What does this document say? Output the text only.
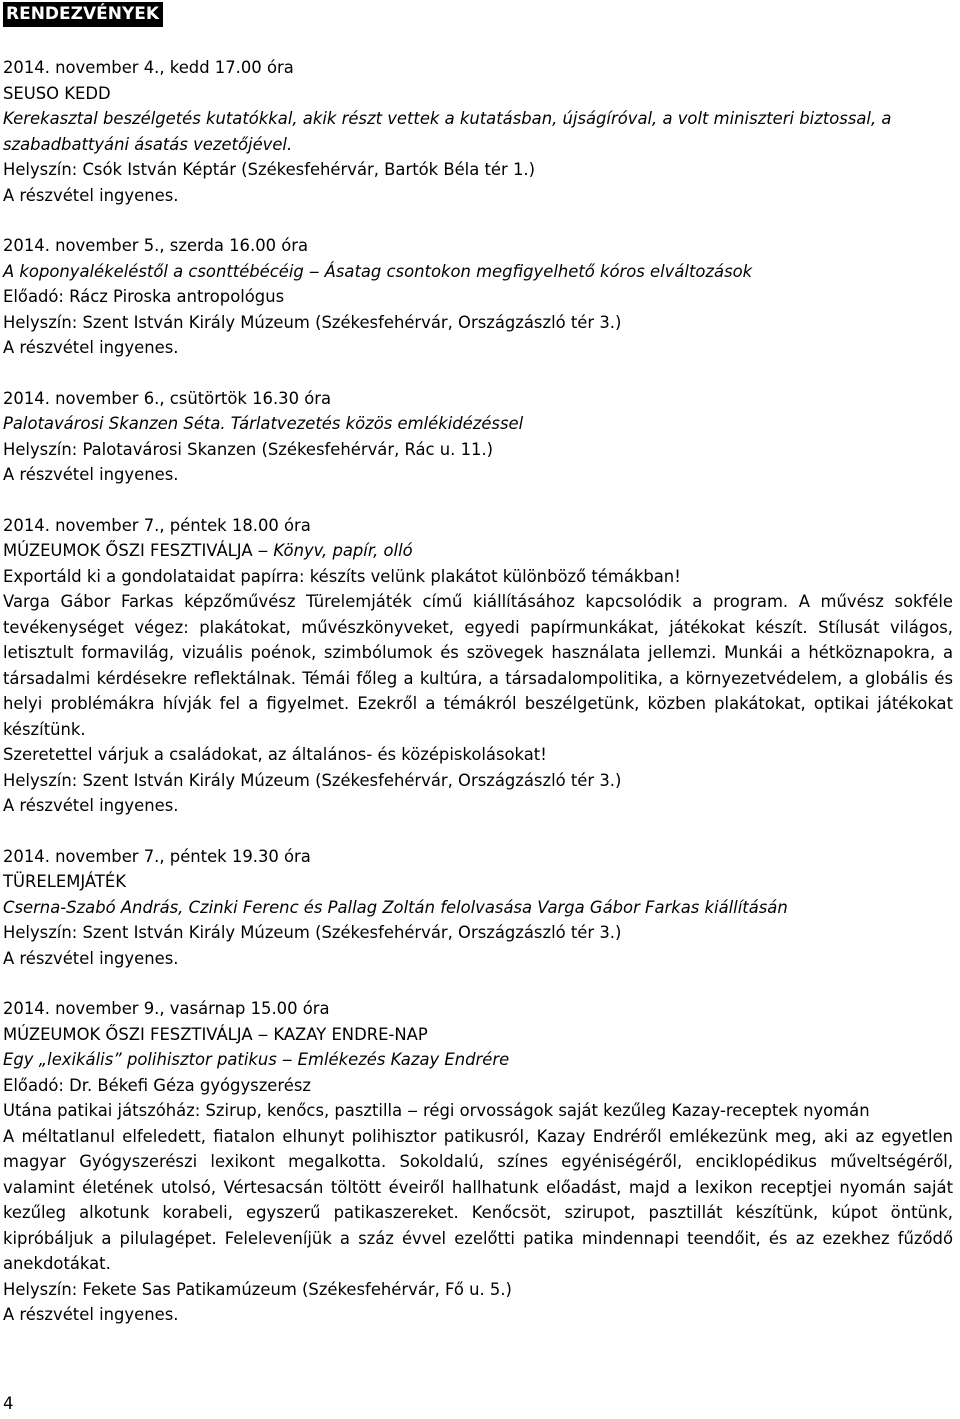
RENDEZVÉNYEK
2014. november 4., kedd 17.00 óra
SEUSO KEDD
Kerekasztal beszélgetés kutatókkal, akik részt vettek a kutatásban, újságíróval, a volt miniszteri biztossal, a szabadbattyáni ásatás vezetőjével.
Helyszín: Csók István Képtár (Székesfehérvár, Bartók Béla tér 1.)
A részvétel ingyenes.
2014. november 5., szerda 16.00 óra
A koponyalékeléstől a csonttébécéig ‒ Ásatag csontokon megfigyelhető kóros elváltozások
Előadó: Rácz Piroska antropológus
Helyszín: Szent István Király Múzeum (Székesfehérvár, Országzászló tér 3.)
A részvétel ingyenes.
2014. november 6., csütörtök 16.30 óra
Palotavárosi Skanzen Séta. Tárlatvezetés közös emlékidézéssel
Helyszín: Palotavárosi Skanzen (Székesfehérvár, Rác u. 11.)
A részvétel ingyenes.
2014. november 7., péntek 18.00 óra
MÚZEUMOK ŐSZI FESZTIVÁLJA ‒ Könyv, papír, olló
Exportáld ki a gondolataidat papírra: készíts velünk plakátot különböző témákban!
Varga Gábor Farkas képzőművész Türelemjáték című kiállításához kapcsolódik a program. A művész sokféle tevékenységet végez: plakátokat, művészkönyveket, egyedi papírmunkákat, játékokat készít. Stílusát világos, letisztult formavilág, vizuális poénok, szimbólumok és szövegek használata jellemzi. Munkái a hétköznapokra, a társadalmi kérdésekre reflektálnak. Témái főleg a kultúra, a társadalompolitika, a környezetvédelem, a globális és helyi problémákra hívják fel a figyelmet. Ezekről a témákról beszélgetünk, közben plakátokat, optikai játékokat készítünk.
Szeretettel várjuk a családokat, az általános- és középiskolásokat!
Helyszín: Szent István Király Múzeum (Székesfehérvár, Országzászló tér 3.)
A részvétel ingyenes.
2014. november 7., péntek 19.30 óra
TÜRELEMJÁTÉK
Cserna-Szabó András, Czinki Ferenc és Pallag Zoltán felolvasása Varga Gábor Farkas kiállításán
Helyszín: Szent István Király Múzeum (Székesfehérvár, Országzászló tér 3.)
A részvétel ingyenes.
2014. november 9., vasárnap 15.00 óra
MÚZEUMOK ŐSZI FESZTIVÁLJA ‒ KAZAY ENDRE-NAP
Egy „lexikális” polihisztor patikus ‒ Emlékezés Kazay Endrére
Előadó: Dr. Békefi Géza gyógyszerész
Utána patikai játszóház: Szirup, kenőcs, pasztilla ‒ régi orvosságok saját kezűleg Kazay-receptek nyomán
A méltatlanul elfeledett, fiatalon elhunyt polihisztor patikusról, Kazay Endréről emlékezünk meg, aki az egyetlen magyar Gyógyszerészi lexikont megalkotta. Sokoldalú, színes egyéniségéről, enciklopédikus műveltségéről, valamint életének utolsó, Vértesacsán töltött éveiről hallhatunk előadást, majd a lexikon receptjei nyomán saját kezűleg alkotunk korabeli, egyszerű patikaszereket. Kenőcsöt, szirupot, pasztillát készítünk, kúpot öntünk, kipróbáljuk a pilulagépet. Feleleveníjük a száz évvel ezelőtti patika mindennapi teendőit, és az ezekhez fűződő anekdotákat.
Helyszín: Fekete Sas Patikamúzeum (Székesfehérvár, Fő u. 5.)
A részvétel ingyenes.
4
